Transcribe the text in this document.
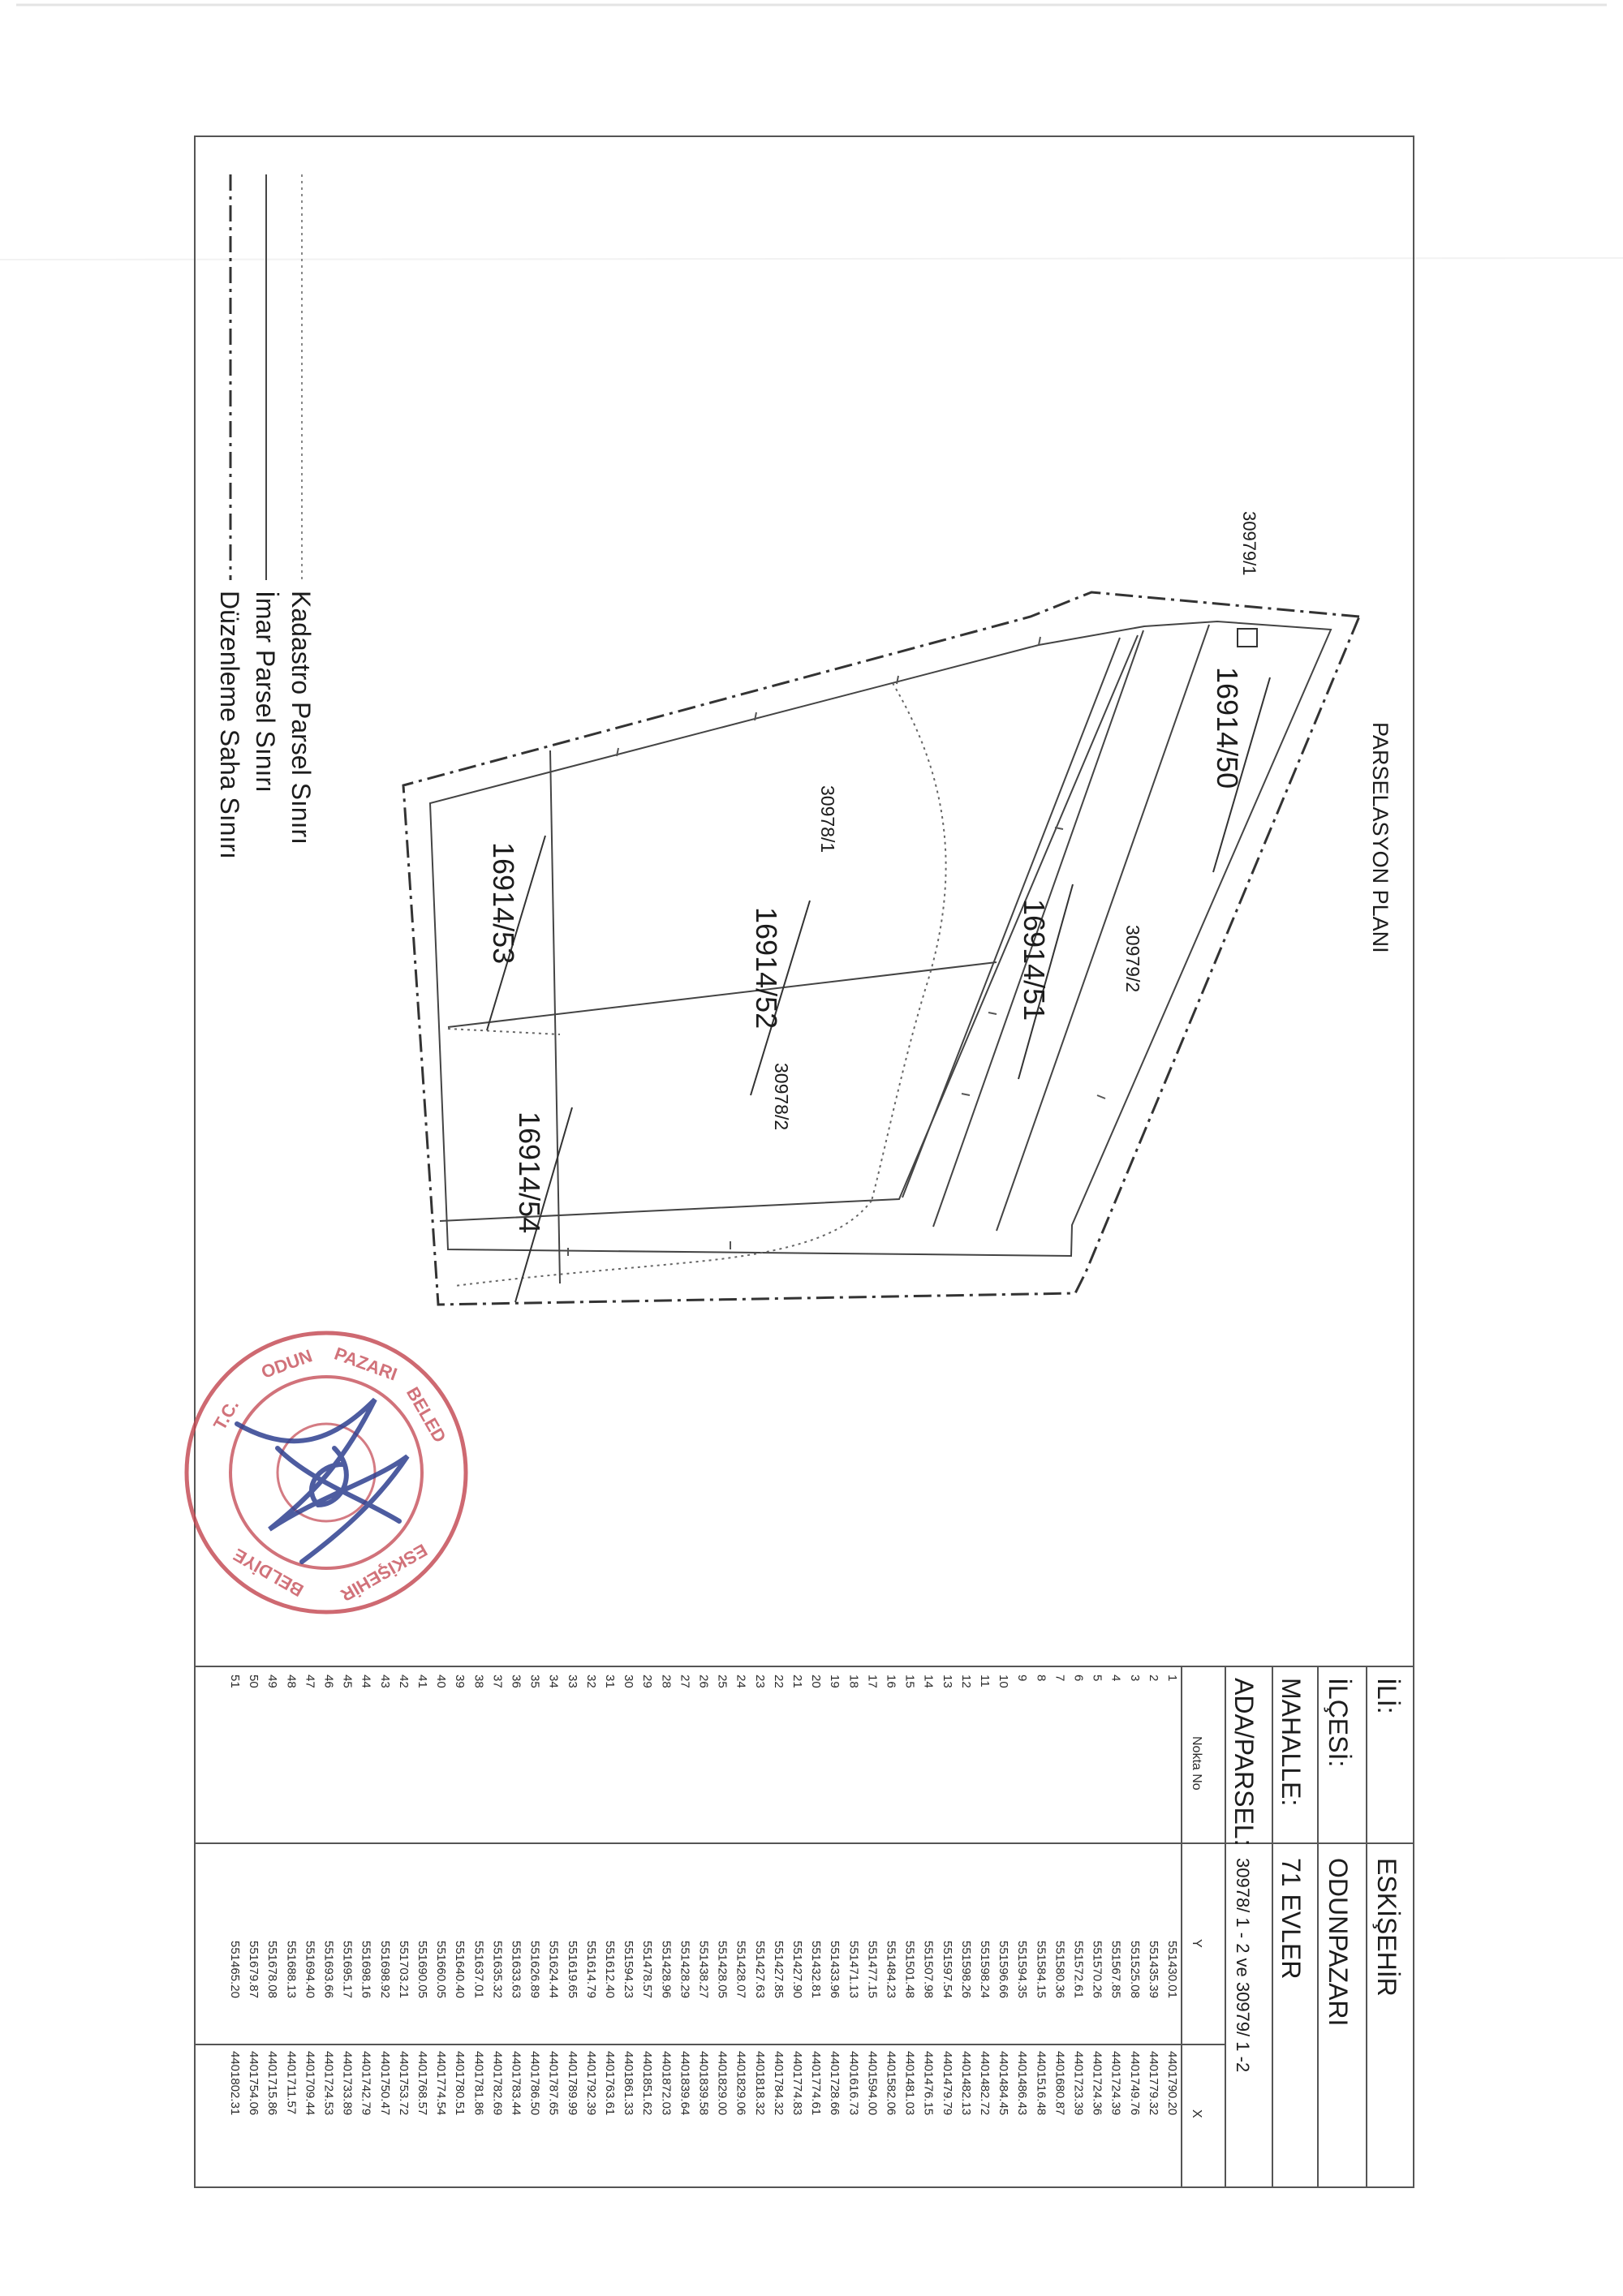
PARSELASYON PLANI
30979/1
16914/50
30979/2
30978/1
16914/51
16914/52
30978/2
16914/53
16914/54
Kadastro Parsel Sınırı
İmar Parsel Sınırı
Düzenleme Saha Sınırı
T.C.
ODUN PAZARI
BELED
ESKİŞEHİR
BELDİYE
İLİ:
ESKİŞEHİR
İLÇESİ:
ODUNPAZARI
MAHALLE:
71 EVLER
ADA/PARSEL:
30978/ 1 - 2 ve 30979/ 1 -2
Nokta No
Y
X
1
551430.01
4401790.20
2
551435.39
4401779.32
3
551525.08
4401749.76
4
551567.85
4401724.39
5
551570.26
4401724.36
6
551572.61
4401723.39
7
551580.36
4401680.87
8
551584.15
4401516.48
9
551594.35
4401486.43
10
551596.66
4401484.45
11
551598.24
4401482.72
12
551598.26
4401482.13
13
551597.54
4401479.79
14
551507.98
4401476.15
15
551501.48
4401481.03
16
551484.23
4401582.06
17
551477.15
4401594.00
18
551471.13
4401616.73
19
551433.96
4401728.66
20
551432.81
4401774.61
21
551427.90
4401774.83
22
551427.85
4401784.32
23
551427.63
4401818.32
24
551428.07
4401829.06
25
551428.05
4401829.00
26
551438.27
4401839.58
27
551428.29
4401839.64
28
551428.96
4401872.03
29
551478.57
4401851.62
30
551594.23
4401861.33
31
551612.40
4401763.61
32
551614.79
4401792.39
33
551619.65
4401789.99
34
551624.44
4401787.65
35
551626.89
4401786.50
36
551633.63
4401783.44
37
551635.32
4401782.69
38
551637.01
4401781.86
39
551640.40
4401780.51
40
551660.05
4401774.54
41
551690.05
4401768.57
42
551703.21
4401753.72
43
551698.92
4401750.47
44
551698.16
4401742.79
45
551695.17
4401733.89
46
551693.66
4401724.53
47
551694.40
4401709.44
48
551688.13
4401711.57
49
551678.08
4401715.86
50
551679.87
4401754.06
51
551465.20
4401802.31
